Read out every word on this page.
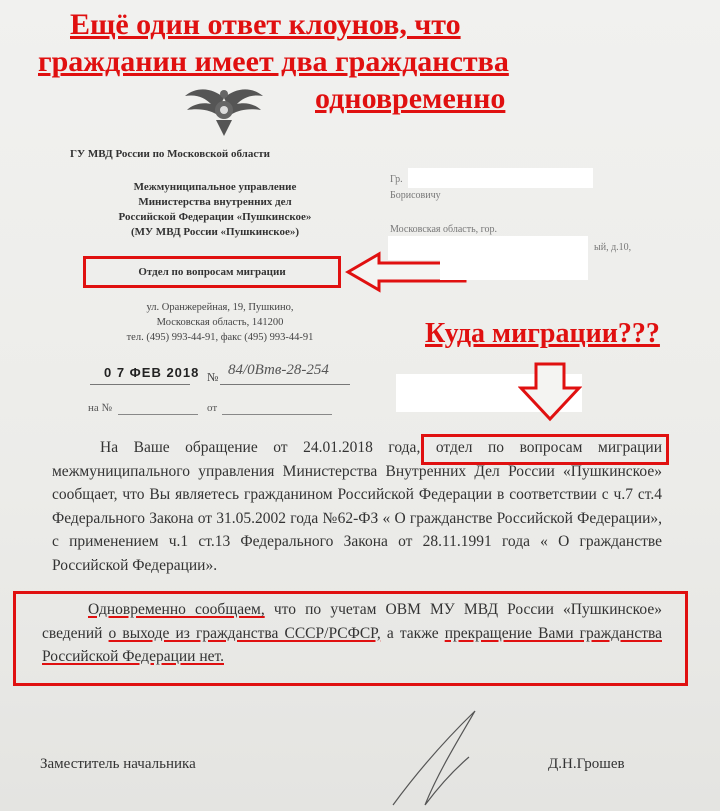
Ещё один ответ клоунов, что
гражданин имеет два гражданства
одновременно
ГУ МВД России по Московской области
Межмуниципальное управление
Министерства внутренних дел
Российской Федерации «Пушкинское»
(МУ МВД России «Пушкинское»)
Отдел по вопросам миграции
ул. Оранжерейная, 19, Пушкино,
Московская область, 141200
тел. (495) 993-44-91, факс (495) 993-44-91
0 7 ФЕВ 2018 № 84/0Втв-28-254
на №	от
Гр.
Борисовичу
Московская область, гор.
ый, д.10,
Куда миграции???
На Ваше обращение от 24.01.2018 года, отдел по вопросам миграции межмуниципального управления Министерства Внутренних Дел России «Пушкинское» сообщает, что Вы являетесь гражданином Российской Федерации в соответствии с ч.7 ст.4 Федерального Закона от 31.05.2002 года №62-ФЗ « О гражданстве Российской Федерации», с применением ч.1 ст.13 Федерального Закона от 28.11.1991 года « О гражданстве Российской Федерации».
Одновременно сообщаем, что по учетам ОВМ МУ МВД России «Пушкинское» сведений о выходе из гражданства СССР/РСФСР, а также прекращение Вами гражданства Российской Федерации нет.
Заместитель начальника	Д.Н.Грошев
